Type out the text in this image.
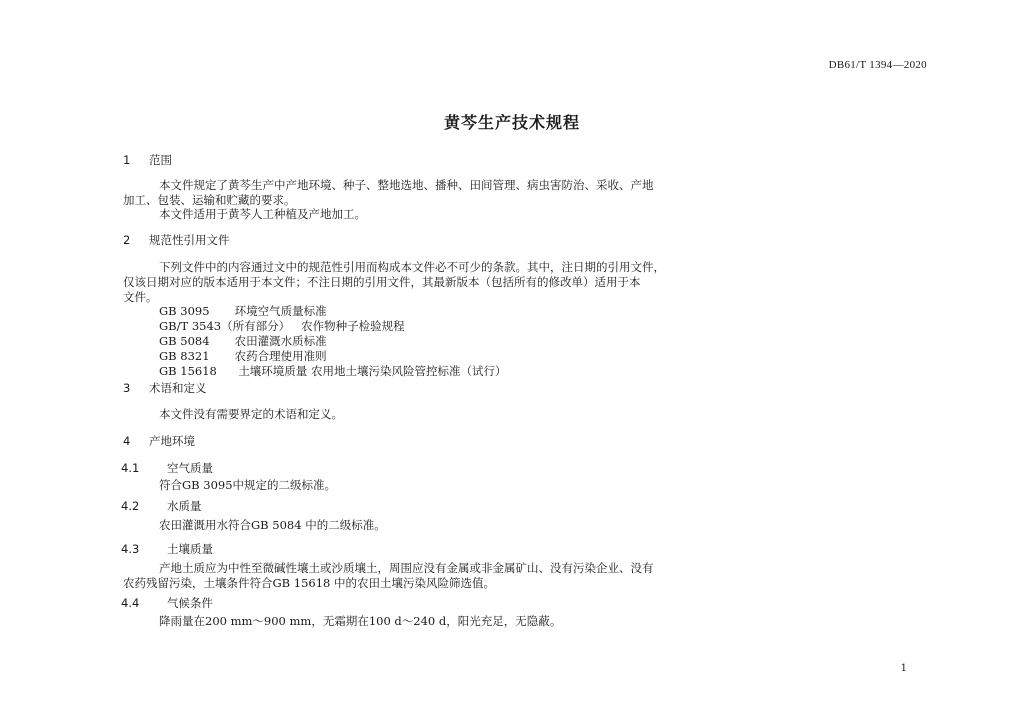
DB61/T 1394—2020
黄芩生产技术规程
1 范围
本文件规定了黄芩生产中产地环境、种子、整地选地、播种、田间管理、病虫害防治、采收、产地
加工、包装、运输和贮藏的要求。
本文件适用于黄芩人工种植及产地加工。
2 规范性引用文件
下列文件中的内容通过文中的规范性引用而构成本文件必不可少的条款。其中，注日期的引用文件，
仅该日期对应的版本适用于本文件；不注日期的引用文件，其最新版本（包括所有的修改单）适用于本
文件。
GB 3095 环境空气质量标准
GB/T 3543（所有部分） 农作物种子检验规程
GB 5084 农田灌溉水质标准
GB 8321 农药合理使用准则
GB 15618 土壤环境质量 农用地土壤污染风险管控标准（试行）
3 术语和定义
本文件没有需要界定的术语和定义。
4 产地环境
4.1 空气质量
符合GB 3095中规定的二级标准。
4.2 水质量
农田灌溉用水符合GB 5084 中的二级标准。
4.3 土壤质量
产地土质应为中性至微碱性壤土或沙质壤土，周围应没有金属或非金属矿山、没有污染企业、没有
农药残留污染，土壤条件符合GB 15618 中的农田土壤污染风险筛选值。
4.4 气候条件
降雨量在200 mm～900 mm，无霜期在100 d～240 d，阳光充足，无隐蔽。
1
